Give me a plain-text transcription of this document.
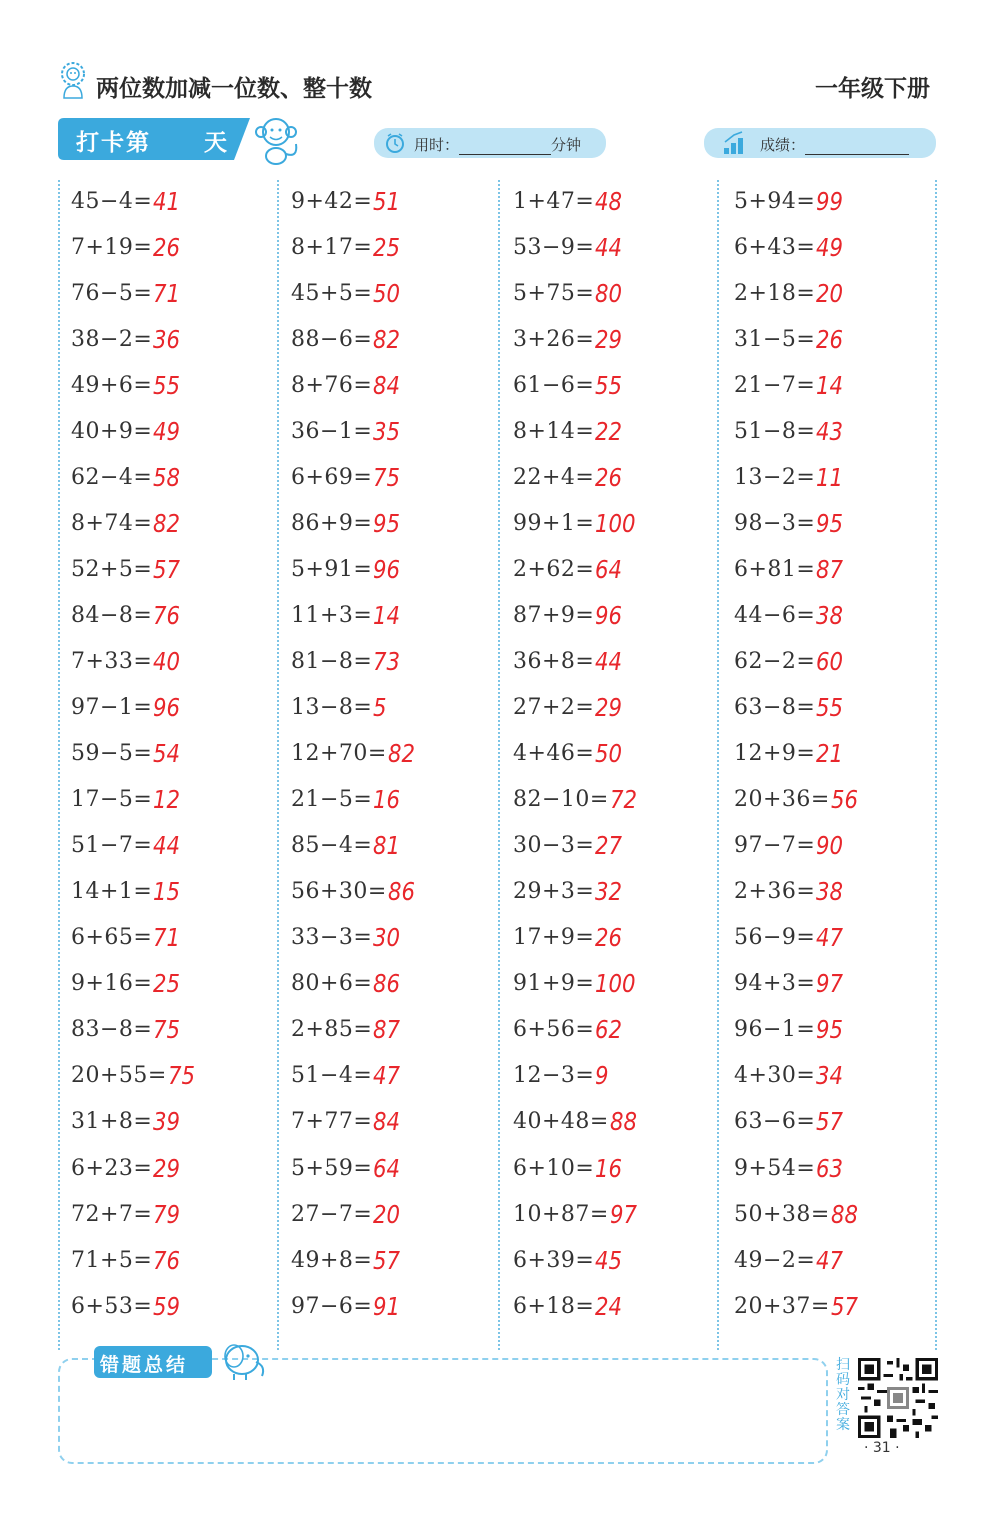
两位数加减一位数、整十数	一年级下册
打卡第 天	用时：	分钟	成绩：
45−4= 41
7+19= 26
76−5= 71
38−2= 36
49+6= 55
40+9= 49
62−4= 58
8+74= 82
52+5= 57
84−8= 76
7+33= 40
97−1= 96
59−5= 54
17−5= 12
51−7= 44
14+1= 15
6+65= 71
9+16= 25
83−8= 75
20+55= 75
31+8= 39
6+23= 29
72+7= 79
71+5= 76
6+53= 59
9+42= 51
8+17= 25
45+5= 50
88−6= 82
8+76= 84
36−1= 35
6+69= 75
86+9= 95
5+91= 96
11+3= 14
81−8= 73
13−8= 5
12+70= 82
21−5= 16
85−4= 81
56+30= 86
33−3= 30
80+6= 86
2+85= 87
51−4= 47
7+77= 84
5+59= 64
27−7= 20
49+8= 57
97−6= 91
1+47= 48
53−9= 44
5+75= 80
3+26= 29
61−6= 55
8+14= 22
22+4= 26
99+1= 100
2+62= 64
87+9= 96
36+8= 44
27+2= 29
4+46= 50
82−10= 72
30−3= 27
29+3= 32
17+9= 26
91+9= 100
6+56= 62
12−3= 9
40+48= 88
6+10= 16
10+87= 97
6+39= 45
6+18= 24
5+94= 99
6+43= 49
2+18= 20
31−5= 26
21−7= 14
51−8= 43
13−2= 11
98−3= 95
6+81= 87
44−6= 38
62−2= 60
63−8= 55
12+9= 21
20+36= 56
97−7= 90
2+36= 38
56−9= 47
94+3= 97
96−1= 95
4+30= 34
63−6= 57
9+54= 63
50+38= 88
49−2= 47
20+37= 57
错题总结	扫码对答案
· 31 ·
